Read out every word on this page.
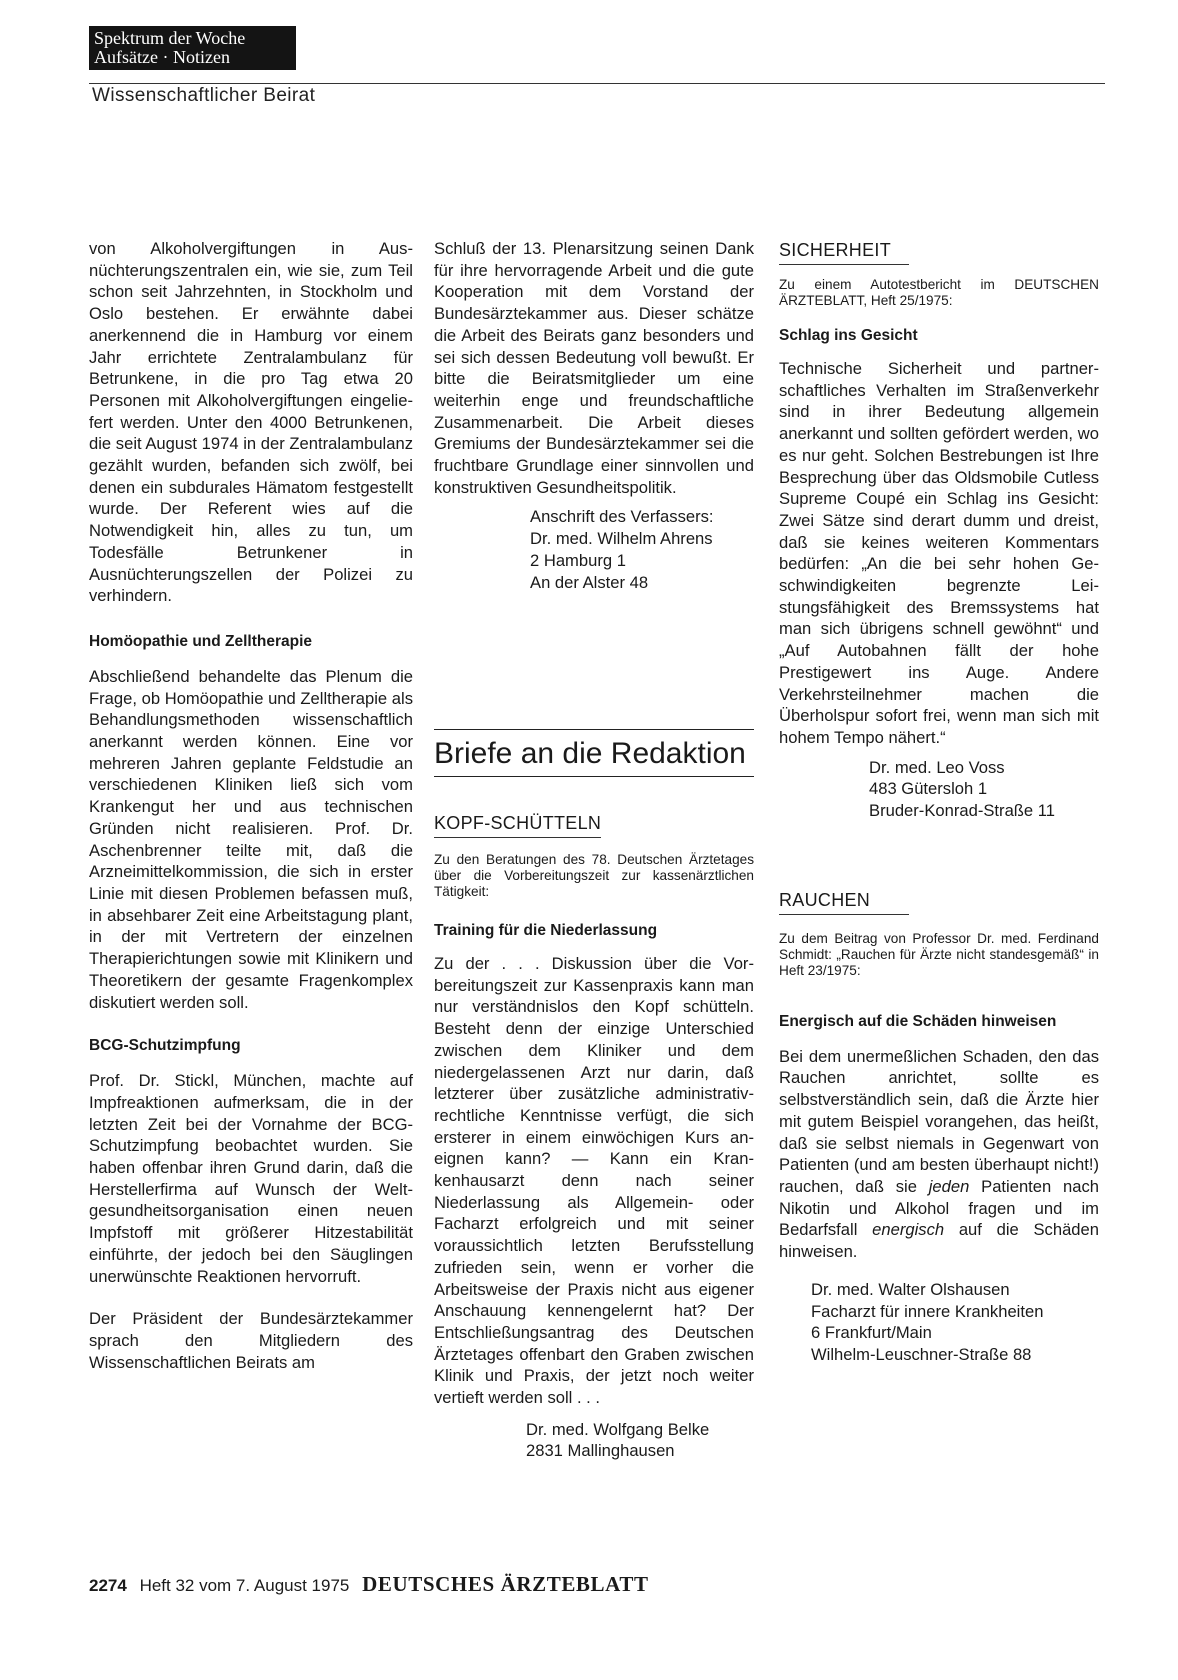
Spektrum der Woche
Aufsätze · Notizen
Wissenschaftlicher Beirat

von Alkoholvergiftungen in Ausnüchterungszentralen ein, wie sie, zum Teil schon seit Jahrzehnten, in Stockholm und Oslo bestehen. Er erwähnte dabei anerkennend die in Hamburg vor einem Jahr errichtete Zentralambulanz für Betrunkene, in die pro Tag etwa 20 Personen mit Alkoholvergiftungen eingeliefert werden. Unter den 4000 Betrunkenen, die seit August 1974 in der Zentralambulanz gezählt wurden, befanden sich zwölf, bei denen ein subdurales Hämatom festgestellt wurde. Der Referent wies auf die Notwendigkeit hin, alles zu tun, um Todesfälle Betrunkener in Ausnüchterungszellen der Polizei zu verhindern.

Homöopathie und Zelltherapie

Abschließend behandelte das Plenum die Frage, ob Homöopathie und Zelltherapie als Behandlungsmethoden wissenschaftlich anerkannt werden können. Eine vor mehreren Jahren geplante Feldstudie an verschiedenen Kliniken ließ sich vom Krankengut her und aus technischen Gründen nicht realisieren. Prof. Dr. Aschenbrenner teilte mit, daß die Arzneimittelkommission, die sich in erster Linie mit diesen Problemen befassen muß, in absehbarer Zeit eine Arbeitstagung plant, in der mit Vertretern der einzelnen Therapierichtungen sowie mit Klinikern und Theoretikern der gesamte Fragenkomplex diskutiert werden soll.

BCG-Schutzimpfung

Prof. Dr. Stickl, München, machte auf Impfreaktionen aufmerksam, die in der letzten Zeit bei der Vornahme der BCG-Schutzimpfung beobachtet wurden. Sie haben offenbar ihren Grund darin, daß die Herstellerfirma auf Wunsch der Weltgesundheitsorganisation einen neuen Impfstoff mit größerer Hitzestabilität einführte, der jedoch bei den Säuglingen unerwünschte Reaktionen hervorruft.

Der Präsident der Bundesärztekammer sprach den Mitgliedern des Wissenschaftlichen Beirats am

Schluß der 13. Plenarsitzung seinen Dank für ihre hervorragende Arbeit und die gute Kooperation mit dem Vorstand der Bundesärztekammer aus. Dieser schätze die Arbeit des Beirats ganz besonders und sei sich dessen Bedeutung voll bewußt. Er bitte die Beiratsmitglieder um eine weiterhin enge und freundschaftliche Zusammenarbeit. Die Arbeit dieses Gremiums der Bundesärztekammer sei die fruchtbare Grundlage einer sinnvollen und konstruktiven Gesundheitspolitik.

Anschrift des Verfassers:
Dr. med. Wilhelm Ahrens
2 Hamburg 1
An der Alster 48
Briefe an die Redaktion
KOPF-SCHÜTTELN
Zu den Beratungen des 78. Deutschen Ärztetages über die Vorbereitungszeit zur kassenärztlichen Tätigkeit:
Training für die Niederlassung

Zu der . . . Diskussion über die Vorbereitungszeit zur Kassenpraxis kann man nur verständnislos den Kopf schütteln. Besteht denn der einzige Unterschied zwischen dem Kliniker und dem niedergelassenen Arzt nur darin, daß letzterer über zusätzliche administrativ-rechtliche Kenntnisse verfügt, die sich ersterer in einem einwöchigen Kurs aneignen kann? — Kann ein Krankenhausarzt denn nach seiner Niederlassung als Allgemein- oder Facharzt erfolgreich und mit seiner voraussichtlich letzten Berufsstellung zufrieden sein, wenn er vorher die Arbeitsweise der Praxis nicht aus eigener Anschauung kennengelernt hat? Der Entschließungsantrag des Deutschen Ärztetages offenbart den Graben zwischen Klinik und Praxis, der jetzt noch weiter vertieft werden soll . . .

Dr. med. Wolfgang Belke
2831 Mallinghausen
SICHERHEIT
Zu einem Autotestbericht im DEUTSCHEN ÄRZTEBLATT, Heft 25/1975:
Schlag ins Gesicht

Technische Sicherheit und partnerschaftliches Verhalten im Straßenverkehr sind in ihrer Bedeutung allgemein anerkannt und sollten gefördert werden, wo es nur geht. Solchen Bestrebungen ist Ihre Besprechung über das Oldsmobile Cutless Supreme Coupé ein Schlag ins Gesicht: Zwei Sätze sind derart dumm und dreist, daß sie keines weiteren Kommentars bedürfen: „An die bei sehr hohen Geschwindigkeiten begrenzte Leistungsfähigkeit des Bremssystems hat man sich übrigens schnell gewöhnt“ und „Auf Autobahnen fällt der hohe Prestigewert ins Auge. Andere Verkehrsteilnehmer machen die Überholspur sofort frei, wenn man sich mit hohem Tempo nähert.“

Dr. med. Leo Voss
483 Gütersloh 1
Bruder-Konrad-Straße 11
RAUCHEN
Zu dem Beitrag von Professor Dr. med. Ferdinand Schmidt: „Rauchen für Ärzte nicht standesgemäß“ in Heft 23/1975:
Energisch auf die Schäden hinweisen

Bei dem unermeßlichen Schaden, den das Rauchen anrichtet, sollte es selbstverständlich sein, daß die Ärzte hier mit gutem Beispiel vorangehen, das heißt, daß sie selbst niemals in Gegenwart von Patienten (und am besten überhaupt nicht!) rauchen, daß sie jeden Patienten nach Nikotin und Alkohol fragen und im Bedarfsfall energisch auf die Schäden hinweisen.

Dr. med. Walter Olshausen
Facharzt für innere Krankheiten
6 Frankfurt/Main
Wilhelm-Leuschner-Straße 88
2274 Heft 32 vom 7. August 1975 DEUTSCHES ÄRZTEBLATT
